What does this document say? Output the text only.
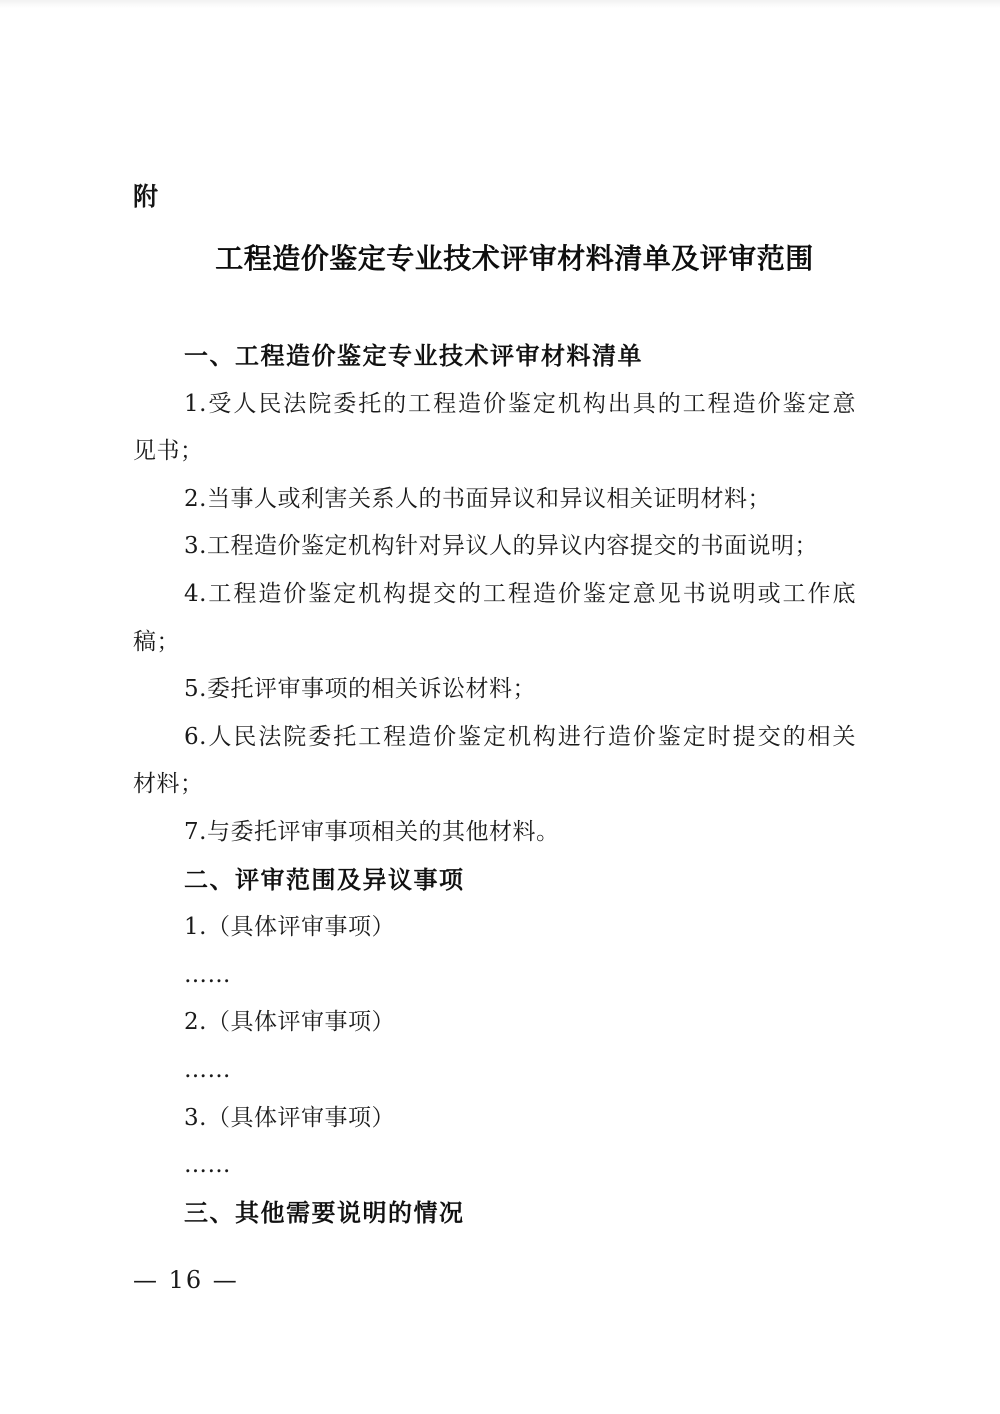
附
工程造价鉴定专业技术评审材料清单及评审范围
一、工程造价鉴定专业技术评审材料清单
1.受人民法院委托的工程造价鉴定机构出具的工程造价鉴定意
见书；
2.当事人或利害关系人的书面异议和异议相关证明材料；
3.工程造价鉴定机构针对异议人的异议内容提交的书面说明；
4.工程造价鉴定机构提交的工程造价鉴定意见书说明或工作底
稿；
5.委托评审事项的相关诉讼材料；
6.人民法院委托工程造价鉴定机构进行造价鉴定时提交的相关
材料；
7.与委托评审事项相关的其他材料。
二、评审范围及异议事项
1.（具体评审事项）
……
2.（具体评审事项）
……
3.（具体评审事项）
……
三、其他需要说明的情况
— 16 —
